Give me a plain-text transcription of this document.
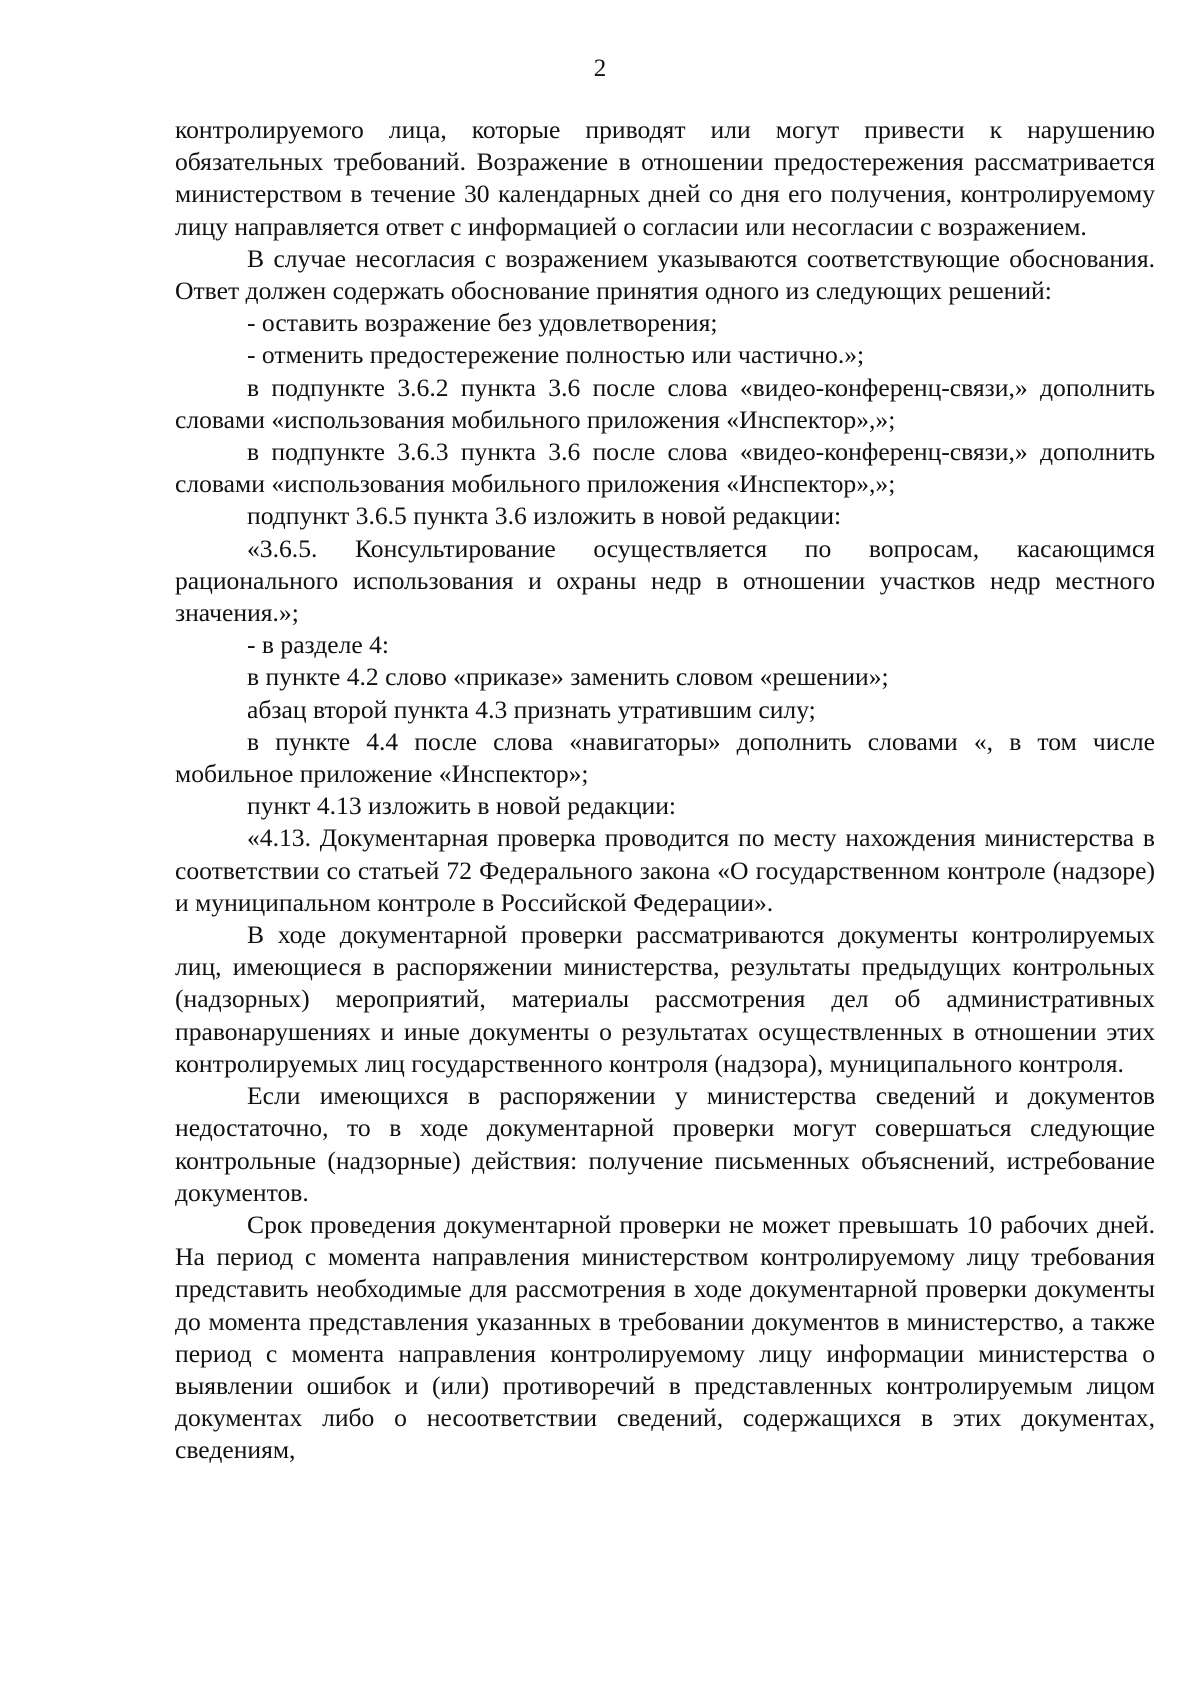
2

контролируемого лица, которые приводят или могут привести к нарушению обязательных требований. Возражение в отношении предостережения рассматривается министерством в течение 30 календарных дней со дня его получения, контролируемому лицу направляется ответ с информацией о согласии или несогласии с возражением.

В случае несогласия с возражением указываются соответствующие обоснования. Ответ должен содержать обоснование принятия одного из следующих решений:

- оставить возражение без удовлетворения;

- отменить предостережение полностью или частично.»;

в подпункте 3.6.2 пункта 3.6 после слова «видео-конференц-связи,» дополнить словами «использования мобильного приложения «Инспектор»,»;

в подпункте 3.6.3 пункта 3.6 после слова «видео-конференц-связи,» дополнить словами «использования мобильного приложения «Инспектор»,»;

подпункт 3.6.5 пункта 3.6 изложить в новой редакции:

«3.6.5. Консультирование осуществляется по вопросам, касающимся рационального использования и охраны недр в отношении участков недр местного значения.»;

- в разделе 4:

в пункте 4.2 слово «приказе» заменить словом «решении»;

абзац второй пункта 4.3 признать утратившим силу;

в пункте 4.4 после слова «навигаторы» дополнить словами «, в том числе мобильное приложение «Инспектор»;

пункт 4.13 изложить в новой редакции:

«4.13. Документарная проверка проводится по месту нахождения министерства в соответствии со статьей 72 Федерального закона «О государственном контроле (надзоре) и муниципальном контроле в Российской Федерации».

В ходе документарной проверки рассматриваются документы контролируемых лиц, имеющиеся в распоряжении министерства, результаты предыдущих контрольных (надзорных) мероприятий, материалы рассмотрения дел об административных правонарушениях и иные документы о результатах осуществленных в отношении этих контролируемых лиц государственного контроля (надзора), муниципального контроля.

Если имеющихся в распоряжении у министерства сведений и документов недостаточно, то в ходе документарной проверки могут совершаться следующие контрольные (надзорные) действия: получение письменных объяснений, истребование документов.

Срок проведения документарной проверки не может превышать 10 рабочих дней. На период с момента направления министерством контролируемому лицу требования представить необходимые для рассмотрения в ходе документарной проверки документы до момента представления указанных в требовании документов в министерство, а также период с момента направления контролируемому лицу информации министерства о выявлении ошибок и (или) противоречий в представленных контролируемым лицом документах либо о несоответствии сведений, содержащихся в этих документах, сведениям,
